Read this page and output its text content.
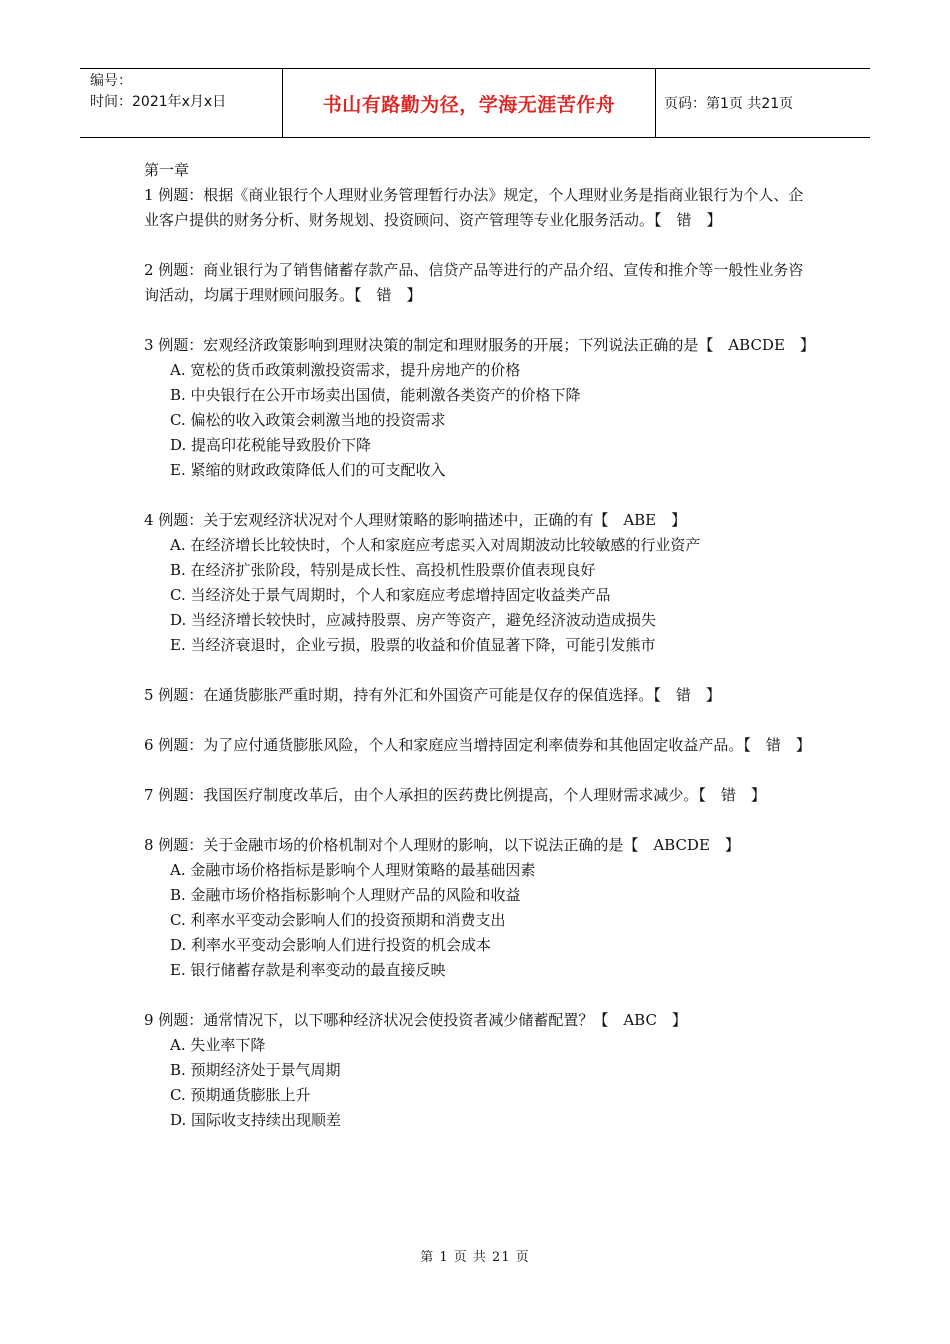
编号：
时间：2021年x月x日	书山有路勤为径，学海无涯苦作舟	页码：第1页 共21页

第一章

1 例题：根据《商业银行个人理财业务管理暂行办法》规定，个人理财业务是指商业银行为个人、企业客户提供的财务分析、财务规划、投资顾问、资产管理等专业化服务活动。【　错　】

2 例题：商业银行为了销售储蓄存款产品、信贷产品等进行的产品介绍、宣传和推介等一般性业务咨询活动，均属于理财顾问服务。【　错　】

3 例题：宏观经济政策影响到理财决策的制定和理财服务的开展；下列说法正确的是【　ABCDE　】

A. 宽松的货币政策刺激投资需求，提升房地产的价格

B. 中央银行在公开市场卖出国债，能刺激各类资产的价格下降

C. 偏松的收入政策会刺激当地的投资需求

D. 提高印花税能导致股价下降

E. 紧缩的财政政策降低人们的可支配收入

4 例题：关于宏观经济状况对个人理财策略的影响描述中，正确的有【　ABE　】

A. 在经济增长比较快时，个人和家庭应考虑买入对周期波动比较敏感的行业资产

B. 在经济扩张阶段，特别是成长性、高投机性股票价值表现良好

C. 当经济处于景气周期时，个人和家庭应考虑增持固定收益类产品

D. 当经济增长较快时，应减持股票、房产等资产，避免经济波动造成损失

E. 当经济衰退时，企业亏损，股票的收益和价值显著下降，可能引发熊市

5 例题：在通货膨胀严重时期，持有外汇和外国资产可能是仅存的保值选择。【　错　】

6 例题：为了应付通货膨胀风险，个人和家庭应当增持固定利率债券和其他固定收益产品。【　错　】

7 例题：我国医疗制度改革后，由个人承担的医药费比例提高，个人理财需求减少。【　错　】

8 例题：关于金融市场的价格机制对个人理财的影响，以下说法正确的是【　ABCDE　】

A. 金融市场价格指标是影响个人理财策略的最基础因素

B. 金融市场价格指标影响个人理财产品的风险和收益

C. 利率水平变动会影响人们的投资预期和消费支出

D. 利率水平变动会影响人们进行投资的机会成本

E. 银行储蓄存款是利率变动的最直接反映

9 例题：通常情况下，以下哪种经济状况会使投资者减少储蓄配置？【　ABC　】

A. 失业率下降

B. 预期经济处于景气周期

C. 预期通货膨胀上升

D. 国际收支持续出现顺差

第 1 页 共 21 页
